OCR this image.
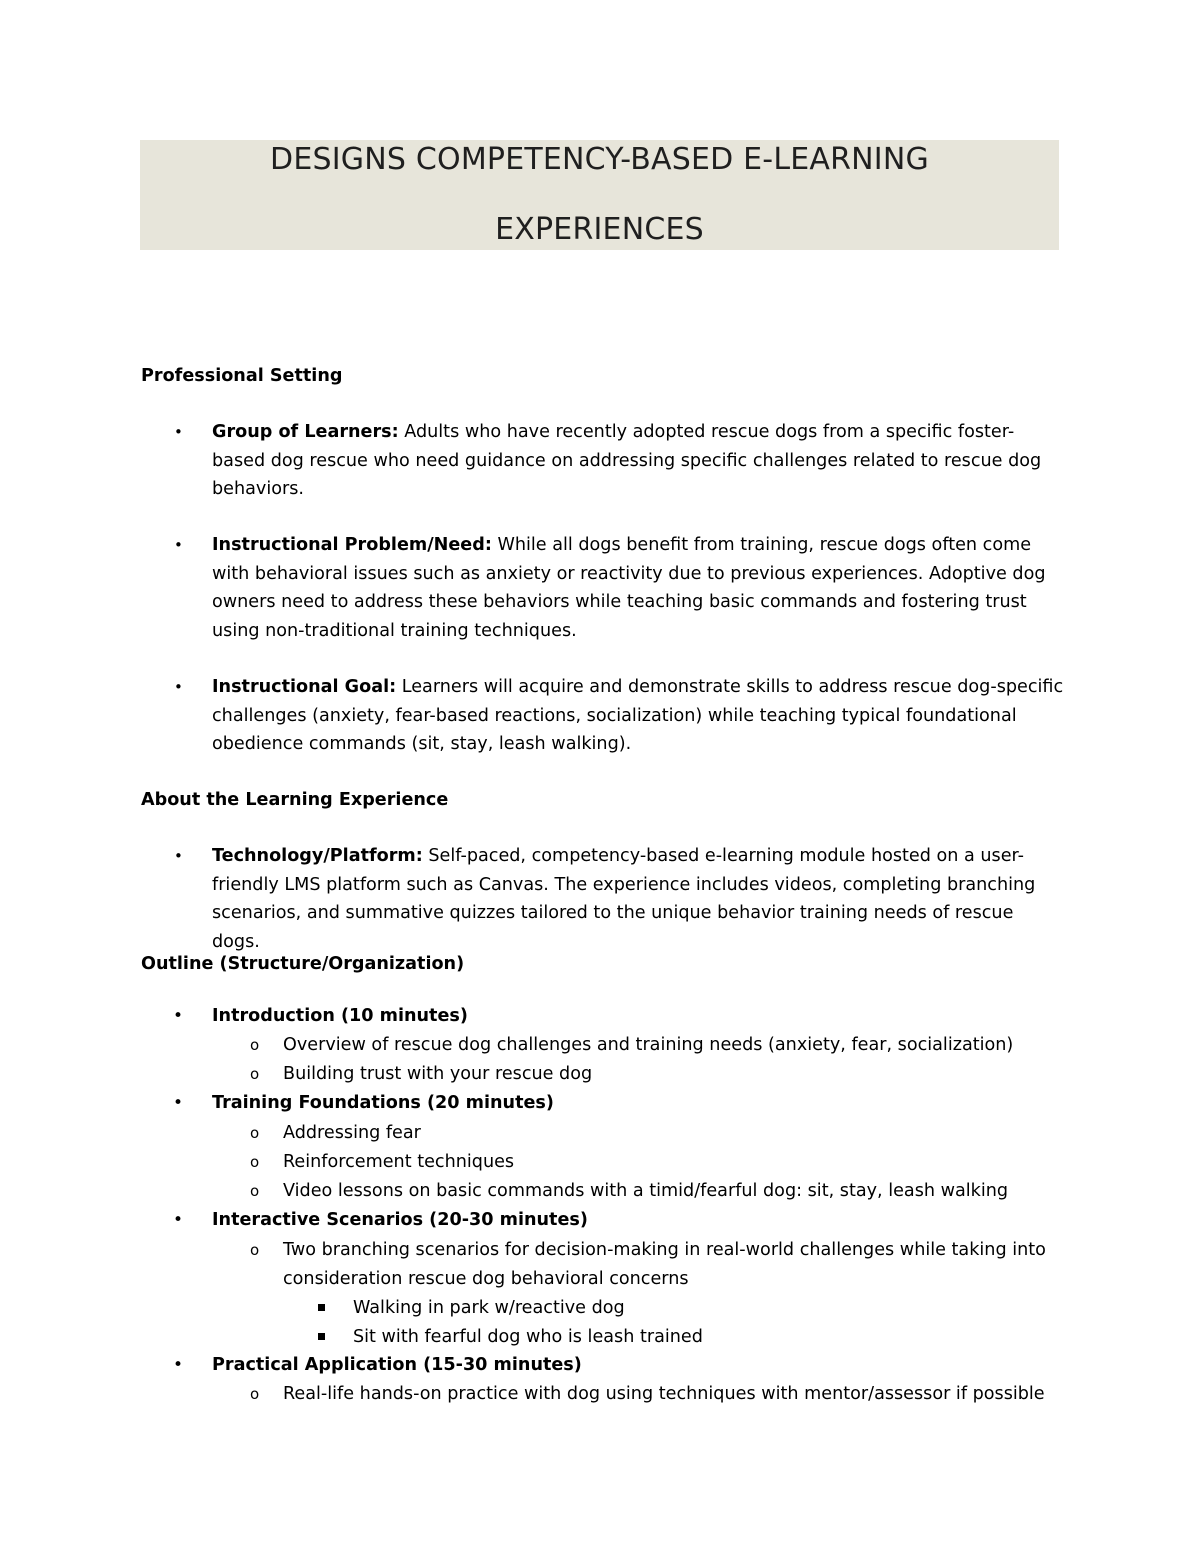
DESIGNS COMPETENCY-BASED E-LEARNING
EXPERIENCES
Professional Setting
• Group of Learners: Adults who have recently adopted rescue dogs from a specific foster-based dog rescue who need guidance on addressing specific challenges related to rescue dog behaviors.
• Instructional Problem/Need: While all dogs benefit from training, rescue dogs often come with behavioral issues such as anxiety or reactivity due to previous experiences. Adoptive dog owners need to address these behaviors while teaching basic commands and fostering trust using non-traditional training techniques.
• Instructional Goal: Learners will acquire and demonstrate skills to address rescue dog-specific challenges (anxiety, fear-based reactions, socialization) while teaching typical foundational obedience commands (sit, stay, leash walking).
About the Learning Experience
• Technology/Platform: Self-paced, competency-based e-learning module hosted on a user-friendly LMS platform such as Canvas. The experience includes videos, completing branching scenarios, and summative quizzes tailored to the unique behavior training needs of rescue dogs.
Outline (Structure/Organization)
• Introduction (10 minutes)
o Overview of rescue dog challenges and training needs (anxiety, fear, socialization)
o Building trust with your rescue dog
• Training Foundations (20 minutes)
o Addressing fear
o Reinforcement techniques
o Video lessons on basic commands with a timid/fearful dog: sit, stay, leash walking
• Interactive Scenarios (20-30 minutes)
o Two branching scenarios for decision-making in real-world challenges while taking into consideration rescue dog behavioral concerns
Walking in park w/reactive dog
Sit with fearful dog who is leash trained
• Practical Application (15-30 minutes)
o Real-life hands-on practice with dog using techniques with mentor/assessor if possible
